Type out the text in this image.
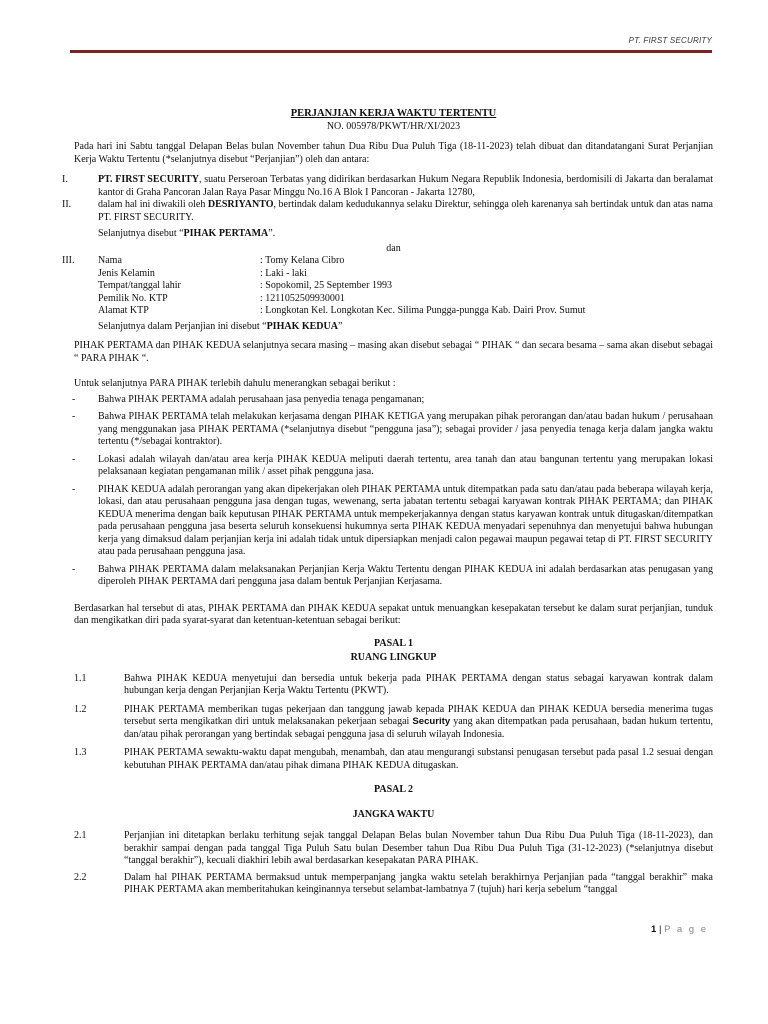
PT. FIRST SECURITY
PERJANJIAN KERJA WAKTU TERTENTU
NO. 005978/PKWT/HR/XI/2023

Pada hari ini Sabtu tanggal Delapan Belas bulan November tahun Dua Ribu Dua Puluh Tiga (18-11-2023) telah dibuat dan ditandatangani Surat Perjanjian Kerja Waktu Tertentu (*selanjutnya disebut “Perjanjian”) oleh dan antara:

I.	PT. FIRST SECURITY, suatu Perseroan Terbatas yang didirikan berdasarkan Hukum Negara Republik Indonesia, berdomisili di Jakarta dan beralamat kantor di Graha Pancoran Jalan Raya Pasar Minggu No.16 A Blok I Pancoran - Jakarta 12780,
II.	dalam hal ini diwakili oleh DESRIYANTO, bertindak dalam kedudukannya selaku Direktur, sehingga oleh karenanya sah bertindak untuk dan atas nama PT. FIRST SECURITY.
Selanjutnya disebut “PIHAK PERTAMA”.
dan
III. Nama	: Tomy Kelana Cibro
Jenis Kelamin	: Laki - laki
Tempat/tanggal lahir	: Sopokomil, 25 September 1993
Pemilik No. KTP	: 1211052509930001
Alamat KTP	: Longkotan Kel. Longkotan Kec. Silima Pungga-pungga Kab. Dairi Prov. Sumut
Selanjutnya dalam Perjanjian ini disebut “PIHAK KEDUA”

PIHAK PERTAMA dan PIHAK KEDUA selanjutnya secara masing – masing akan disebut sebagai “ PIHAK “ dan secara besama – sama akan disebut sebagai “ PARA PIHAK “.

Untuk selanjutnya PARA PIHAK terlebih dahulu menerangkan sebagai berikut :

- Bahwa PIHAK PERTAMA adalah perusahaan jasa penyedia tenaga pengamanan;
- Bahwa PIHAK PERTAMA telah melakukan kerjasama dengan PIHAK KETIGA yang merupakan pihak perorangan dan/atau badan hukum / perusahaan yang menggunakan jasa PIHAK PERTAMA (*selanjutnya disebut “pengguna jasa”); sebagai provider / jasa penyedia tenaga kerja dalam jangka waktu tertentu (*/sebagai kontraktor).
- Lokasi adalah wilayah dan/atau area kerja PIHAK KEDUA meliputi daerah tertentu, area tanah dan atau bangunan tertentu yang merupakan lokasi pelaksanaan kegiatan pengamanan milik / asset pihak pengguna jasa.
- PIHAK KEDUA adalah perorangan yang akan dipekerjakan oleh PIHAK PERTAMA untuk ditempatkan pada satu dan/atau pada beberapa wilayah kerja, lokasi, dan atau perusahaan pengguna jasa dengan tugas, wewenang, serta jabatan tertentu sebagai karyawan kontrak PIHAK PERTAMA; dan PIHAK KEDUA menerima dengan baik keputusan PIHAK PERTAMA untuk mempekerjakannya dengan status karyawan kontrak untuk ditugaskan/ditempatkan pada perusahaan pengguna jasa beserta seluruh konsekuensi hukumnya serta PIHAK KEDUA menyadari sepenuhnya dan menyetujui bahwa hubungan kerja yang dimaksud dalam perjanjian kerja ini adalah tidak untuk dipersiapkan menjadi calon pegawai maupun pegawai tetap di PT. FIRST SECURITY atau pada perusahaan pengguna jasa.
- Bahwa PIHAK PERTAMA dalam melaksanakan Perjanjian Kerja Waktu Tertentu dengan PIHAK KEDUA ini adalah berdasarkan atas penugasan yang diperoleh PIHAK PERTAMA dari pengguna jasa dalam bentuk Perjanjian Kerjasama.

Berdasarkan hal tersebut di atas, PIHAK PERTAMA dan PIHAK KEDUA sepakat untuk menuangkan kesepakatan tersebut ke dalam surat perjanjian, tunduk dan mengikatkan diri pada syarat-syarat dan ketentuan-ketentuan sebagai berikut:

PASAL 1
RUANG LINGKUP
1.1	Bahwa PIHAK KEDUA menyetujui dan bersedia untuk bekerja pada PIHAK PERTAMA dengan status sebagai karyawan kontrak dalam hubungan kerja dengan Perjanjian Kerja Waktu Tertentu (PKWT).
1.2	PIHAK PERTAMA memberikan tugas pekerjaan dan tanggung jawab kepada PIHAK KEDUA dan PIHAK KEDUA bersedia menerima tugas tersebut serta mengikatkan diri untuk melaksanakan pekerjaan sebagai Security yang akan ditempatkan pada perusahaan, badan hukum tertentu, dan/atau pihak perorangan yang bertindak sebagai pengguna jasa di seluruh wilayah Indonesia.
1.3	PIHAK PERTAMA sewaktu-waktu dapat mengubah, menambah, dan atau mengurangi substansi penugasan tersebut pada pasal 1.2 sesuai dengan kebutuhan PIHAK PERTAMA dan/atau pihak dimana PIHAK KEDUA ditugaskan.
PASAL 2
JANGKA WAKTU
2.1	Perjanjian ini ditetapkan berlaku terhitung sejak tanggal Delapan Belas bulan November tahun Dua Ribu Dua Puluh Tiga (18-11-2023), dan berakhir sampai dengan pada tanggal Tiga Puluh Satu bulan Desember tahun Dua Ribu Dua Puluh Tiga (31-12-2023) (*selanjutnya disebut “tanggal berakhir”), kecuali diakhiri lebih awal berdasarkan kesepakatan PARA PIHAK.
2.2	Dalam hal PIHAK PERTAMA bermaksud untuk memperpanjang jangka waktu setelah berakhirnya Perjanjian pada “tanggal berakhir” maka PIHAK PERTAMA akan memberitahukan keinginannya tersebut selambat-lambatnya 7 (tujuh) hari kerja sebelum “tanggal
1 | P a g e
